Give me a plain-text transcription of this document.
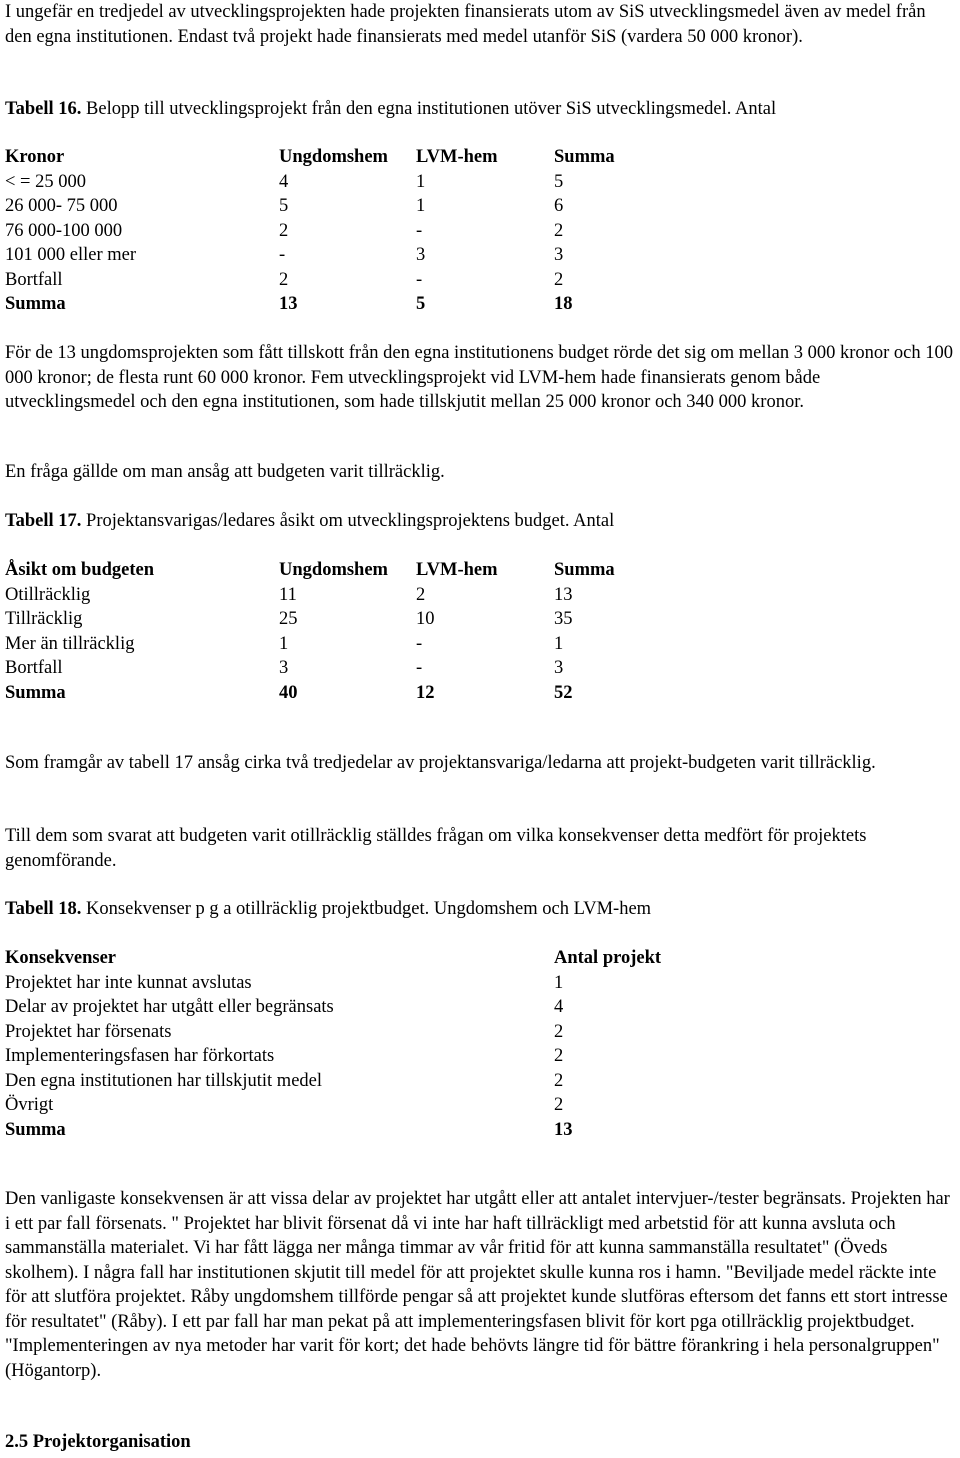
I ungefär en tredjedel av utvecklingsprojekten hade projekten finansierats utom av SiS utvecklingsmedel även av medel från den egna institutionen. Endast två projekt hade finansierats med medel utanför SiS (vardera 50 000 kronor).

Tabell 16. Belopp till utvecklingsprojekt från den egna institutionen utöver SiS utvecklingsmedel. Antal

Kronor	Ungdomshem	LVM-hem	Summa
< = 25 000	4	1	5
26 000- 75 000	5	1	6
76 000-100 000	2	-	2
101 000 eller mer	-	3	3
Bortfall	2	-	2
Summa	13	5	18

För de 13 ungdomsprojekten som fått tillskott från den egna institutionens budget rörde det sig om mellan 3 000 kronor och 100 000 kronor; de flesta runt 60 000 kronor. Fem utvecklingsprojekt vid LVM-hem hade finansierats genom både utvecklingsmedel och den egna institutionen, som hade tillskjutit mellan 25 000 kronor och 340 000 kronor.

En fråga gällde om man ansåg att budgeten varit tillräcklig.

Tabell 17. Projektansvarigas/ledares åsikt om utvecklingsprojektens budget. Antal

Åsikt om budgeten	Ungdomshem	LVM-hem	Summa
Otillräcklig	11	2	13
Tillräcklig	25	10	35
Mer än tillräcklig	1	-	1
Bortfall	3	-	3
Summa	40	12	52

Som framgår av tabell 17 ansåg cirka två tredjedelar av projektansvariga/ledarna att projekt-budgeten varit tillräcklig.

Till dem som svarat att budgeten varit otillräcklig ställdes frågan om vilka konsekvenser detta medfört för projektets genomförande.

Tabell 18. Konsekvenser p g a otillräcklig projektbudget. Ungdomshem och LVM-hem

Konsekvenser	Antal projekt
Projektet har inte kunnat avslutas	1
Delar av projektet har utgått eller begränsats	4
Projektet har försenats	2
Implementeringsfasen har förkortats	2
Den egna institutionen har tillskjutit medel	2
Övrigt	2
Summa	13

Den vanligaste konsekvensen är att vissa delar av projektet har utgått eller att antalet intervjuer-/tester begränsats. Projekten har i ett par fall försenats. " Projektet har blivit försenat då vi inte har haft tillräckligt med arbetstid för att kunna avsluta och sammanställa materialet. Vi har fått lägga ner många timmar av vår fritid för att kunna sammanställa resultatet" (Öveds skolhem). I några fall har institutionen skjutit till medel för att projektet skulle kunna ros i hamn. "Beviljade medel räckte inte för att slutföra projektet. Råby ungdomshem tillförde pengar så att projektet kunde slutföras eftersom det fanns ett stort intresse för resultatet" (Råby). I ett par fall har man pekat på att implementeringsfasen blivit för kort pga otillräcklig projektbudget. "Implementeringen av nya metoder har varit för kort; det hade behövts längre tid för bättre förankring i hela personalgruppen" (Högantorp).

2.5 Projektorganisation
